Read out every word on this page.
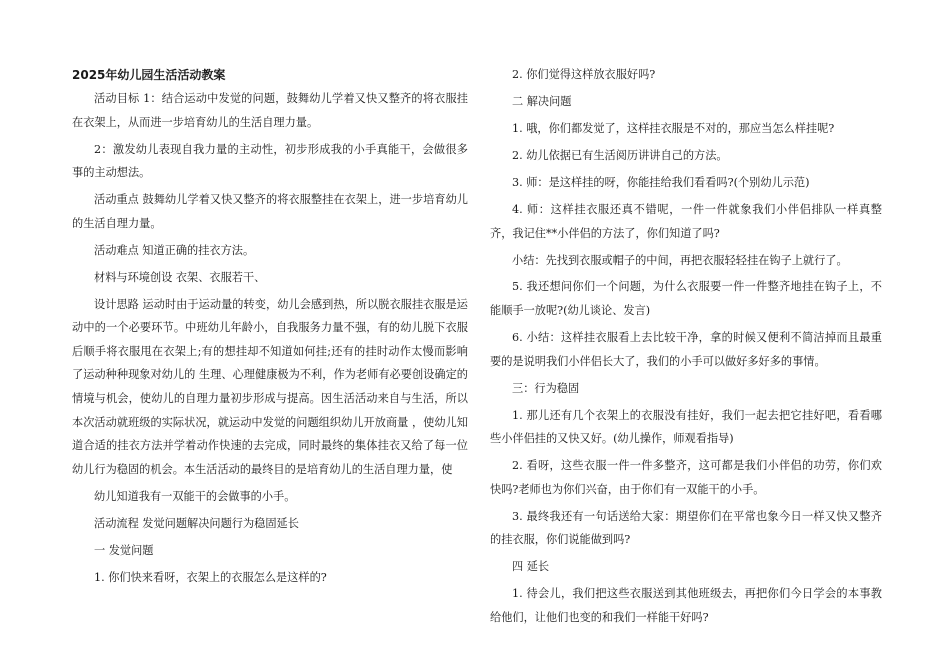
2025年幼儿园生活活动教案

活动目标 1：结合运动中发觉的问题，鼓舞幼儿学着又快又整齐的将衣服挂在衣架上，从而进一步培育幼儿的生活自理力量。

2：激发幼儿表现自我力量的主动性，初步形成我的小手真能干，会做很多事的主动想法。

活动重点 鼓舞幼儿学着又快又整齐的将衣服整挂在衣架上，进一步培育幼儿的生活自理力量。

活动难点 知道正确的挂衣方法。

材料与环境创设 衣架、衣服若干、

设计思路 运动时由于运动量的转变，幼儿会感到热，所以脱衣服挂衣服是运动中的一个必要环节。中班幼儿年龄小，自我服务力量不强，有的幼儿脱下衣服后顺手将衣服甩在衣架上;有的想挂却不知道如何挂;还有的挂时动作太慢而影响了运动种种现象对幼儿的 生理、心理健康极为不利，作为老师有必要创设确定的情境与机会，使幼儿的自理力量初步形成与提高。因生活活动来自与生活，所以本次活动就班级的实际状况，就运动中发觉的问题组织幼儿开放商量 ，使幼儿知道合适的挂衣方法并学着动作快速的去完成，同时最终的集体挂衣又给了每一位幼儿行为稳固的机会。本生活活动的最终目的是培育幼儿的生活自理力量，使

幼儿知道我有一双能干的会做事的小手。

活动流程 发觉问题解决问题行为稳固延长

一 发觉问题

1. 你们快来看呀，衣架上的衣服怎么是这样的?

2. 你们觉得这样放衣服好吗?

二 解决问题

1. 哦，你们都发觉了，这样挂衣服是不对的，那应当怎么样挂呢?

2. 幼儿依据已有生活阅历讲讲自己的方法。

3. 师：是这样挂的呀，你能挂给我们看看吗?(个别幼儿示范)

4. 师：这样挂衣服还真不错呢，一件一件就象我们小伴侣排队一样真整齐，我记住**小伴侣的方法了，你们知道了吗?

小结：先找到衣服或帽子的中间，再把衣服轻轻挂在钩子上就行了。

5. 我还想问你们一个问题，为什么衣服要一件一件整齐地挂在钩子上，不能顺手一放呢?(幼儿谈论、发言)

6. 小结：这样挂衣服看上去比较干净，拿的时候又便利不简洁掉而且最重要的是说明我们小伴侣长大了，我们的小手可以做好多好多的事情。

三：行为稳固

1. 那儿还有几个衣架上的衣服没有挂好，我们一起去把它挂好吧，看看哪些小伴侣挂的又快又好。(幼儿操作，师观看指导)

2. 看呀，这些衣服一件一件多整齐，这可都是我们小伴侣的功劳，你们欢快吗?老师也为你们兴奋，由于你们有一双能干的小手。

3. 最终我还有一句话送给大家：期望你们在平常也象今日一样又快又整齐的挂衣服，你们说能做到吗?

四 延长

1. 待会儿，我们把这些衣服送到其他班级去，再把你们今日学会的本事教给他们，让他们也变的和我们一样能干好吗?
